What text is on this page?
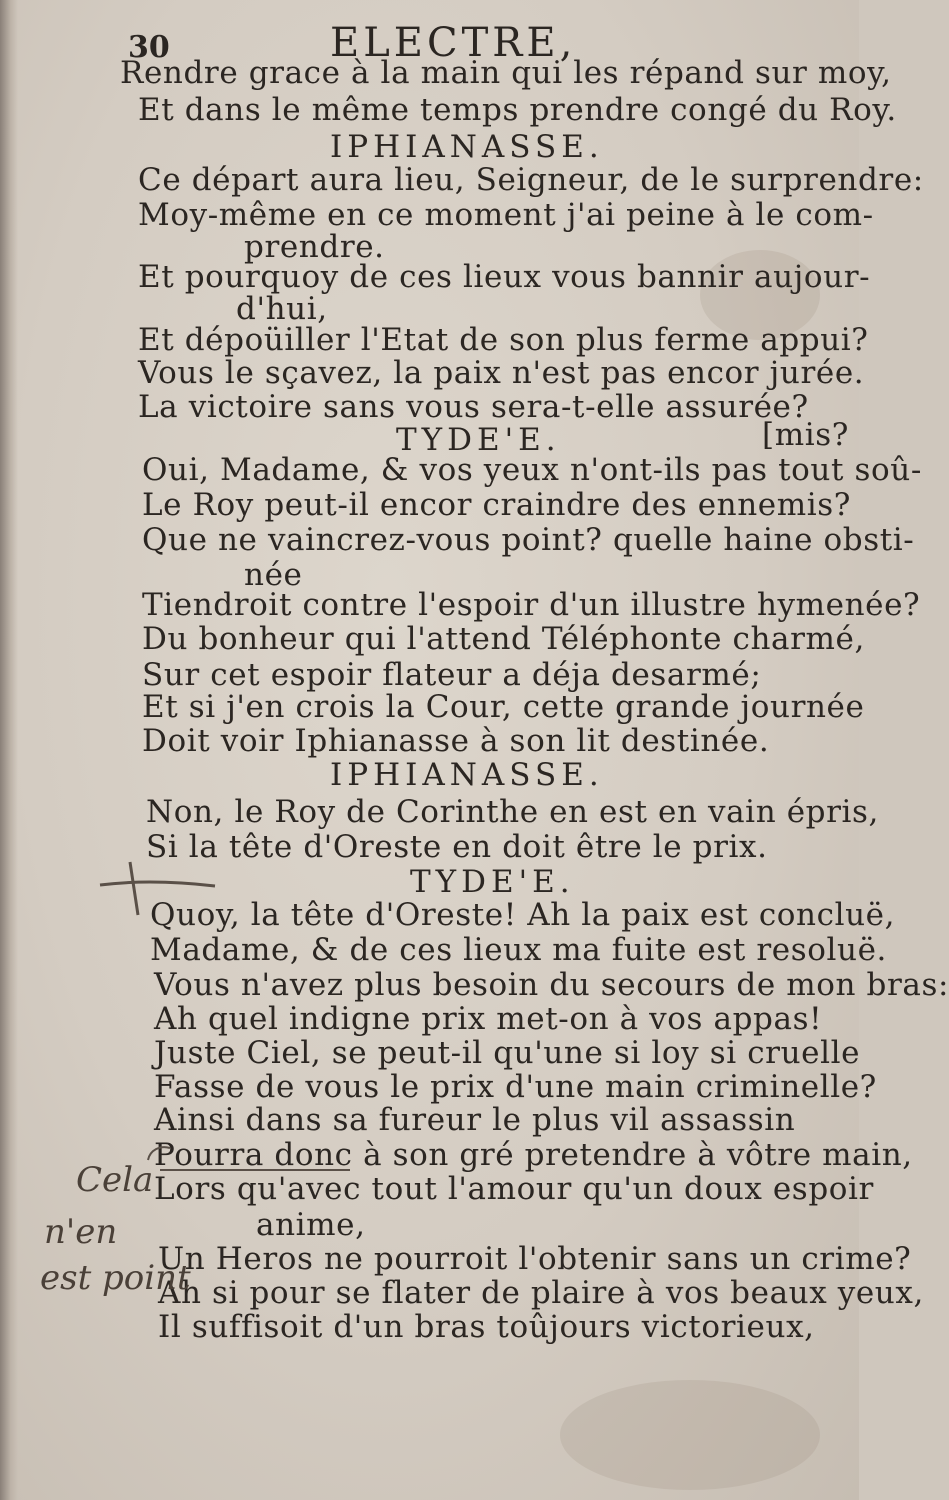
30	ELECTRE,
Rendre grace à la main qui les répand sur moy,
Et dans le même temps prendre congé du Roy.
IPHIANASSE.
Ce départ aura lieu, Seigneur, de le surprendre:
Moy-même en ce moment j'ai peine à le com-
prendre.
Et pourquoy de ces lieux vous bannir aujour-
d'hui,
Et dépoüiller l'Etat de son plus ferme appui?
Vous le sçavez, la paix n'est pas encor jurée.
La victoire sans vous sera-t-elle assurée?
TYDE'E.	[mis?
Oui, Madame, & vos yeux n'ont-ils pas tout soû-
Le Roy peut-il encor craindre des ennemis?
Que ne vaincrez-vous point? quelle haine obsti-
née
Tiendroit contre l'espoir d'un illustre hymenée?
Du bonheur qui l'attend Téléphonte charmé,
Sur cet espoir flateur a déja desarmé;
Et si j'en crois la Cour, cette grande journée
Doit voir Iphianasse à son lit destinée.
IPHIANASSE.
Non, le Roy de Corinthe en est en vain épris,
Si la tête d'Oreste en doit être le prix.
TYDE'E.
Quoy, la tête d'Oreste! Ah la paix est concluë,
Madame, & de ces lieux ma fuite est resoluë.
Vous n'avez plus besoin du secours de mon bras:
Ah quel indigne prix met-on à vos appas!
Juste Ciel, se peut-il qu'une si loy si cruelle
Fasse de vous le prix d'une main criminelle?
Ainsi dans sa fureur le plus vil assassin
Pourra donc à son gré pretendre à vôtre main,
Lors qu'avec tout l'amour qu'un doux espoir
anime,
Un Heros ne pourroit l'obtenir sans un crime?
Ah si pour se flater de plaire à vos beaux yeux,
Il suffisoit d'un bras toûjours victorieux,
Cela
n'en
est point
